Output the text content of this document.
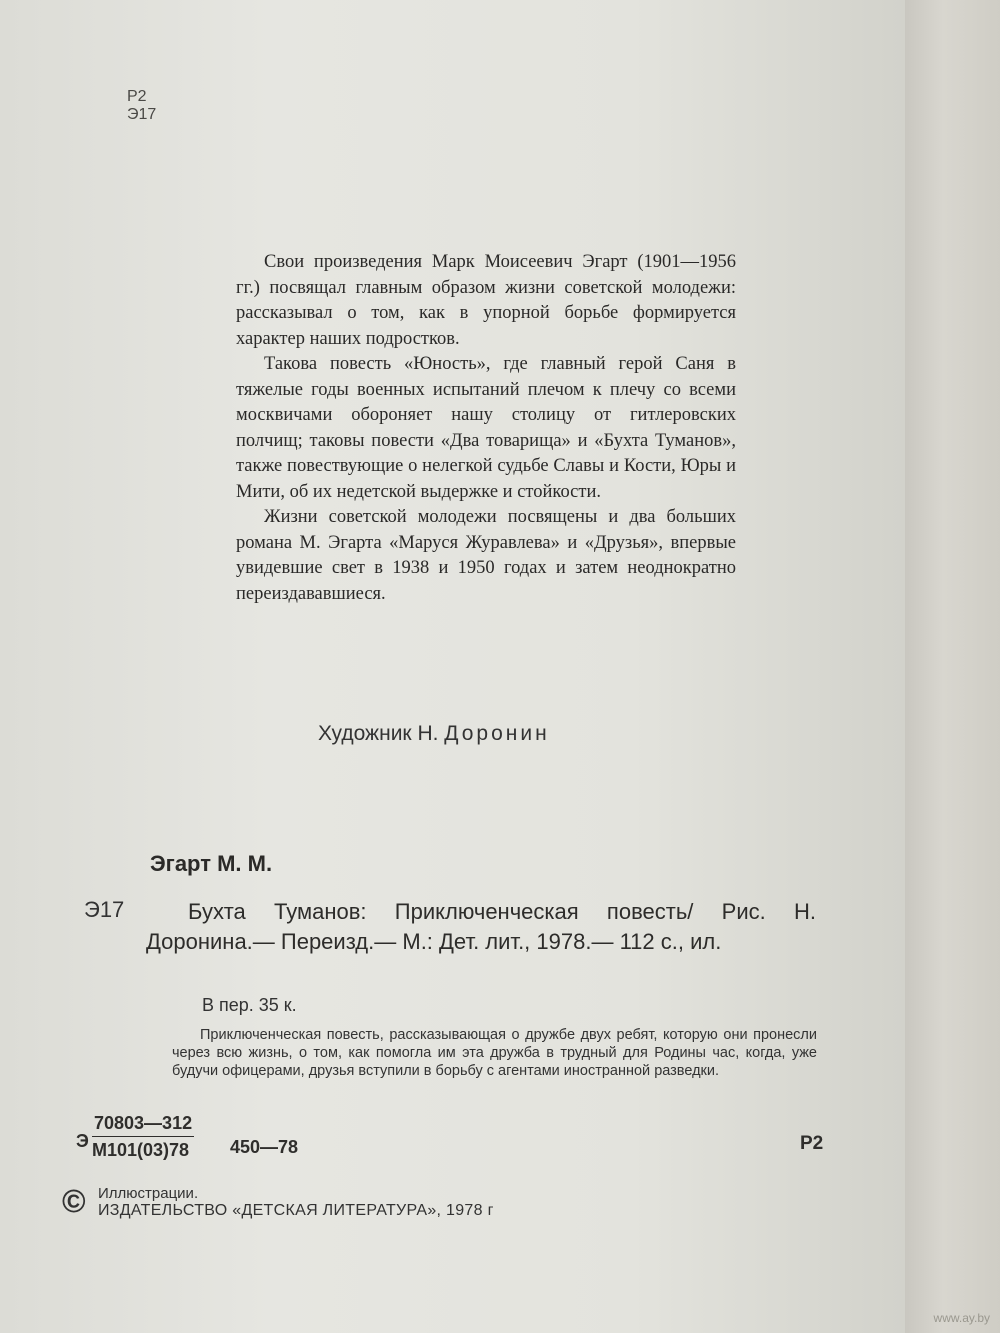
Р2
Э17

Свои произведения Марк Моисеевич Эгарт (1901—1956 гг.) посвящал главным образом жизни советской молодежи: рассказывал о том, как в упорной борьбе формируется характер наших подростков.

Такова повесть «Юность», где главный герой Саня в тяжелые годы военных испытаний плечом к плечу со всеми москвичами обороняет нашу столицу от гитлеровских полчищ; таковы повести «Два товарища» и «Бухта Туманов», также повествующие о нелегкой судьбе Славы и Кости, Юры и Мити, об их недетской выдержке и стойкости.

Жизни советской молодежи посвящены и два больших романа М. Эгарта «Маруся Журавлева» и «Друзья», впервые увидевшие свет в 1938 и 1950 годах и затем неоднократно переиздававшиеся.

Художник Н. Доронин
Эгарт М. М.
Э17	Бухта Туманов: Приключенческая повесть/ Рис. Н. Доронина.— Переизд.— М.: Дет. лит., 1978.— 112 с., ил.
В пер. 35 к.
Приключенческая повесть, рассказывающая о дружбе двух ребят, которую они пронесли через всю жизнь, о том, как помогла им эта дружба в трудный для Родины час, когда, уже будучи офицерами, друзья вступили в борьбу с агентами иностранной разведки.
Э
70803—312
М101(03)78 450—78	Р2
© Иллюстрации.
ИЗДАТЕЛЬСТВО «ДЕТСКАЯ ЛИТЕРАТУРА», 1978 г
www.ay.by
